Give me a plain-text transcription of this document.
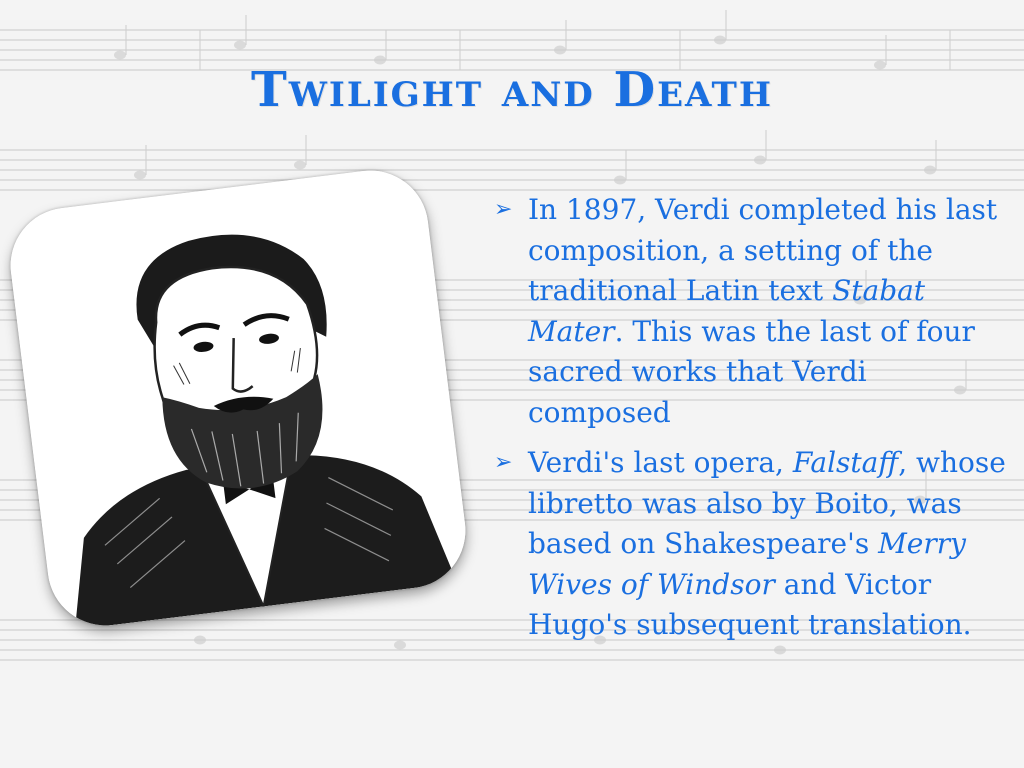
Twilight and Death
➢ In 1897, Verdi completed his last composition, a setting of the traditional Latin text Stabat Mater. This was the last of four sacred works that Verdi composed
➢ Verdi's last opera, Falstaff, whose libretto was also by Boito, was based on Shakespeare's Merry Wives of Windsor and Victor Hugo's subsequent translation.
